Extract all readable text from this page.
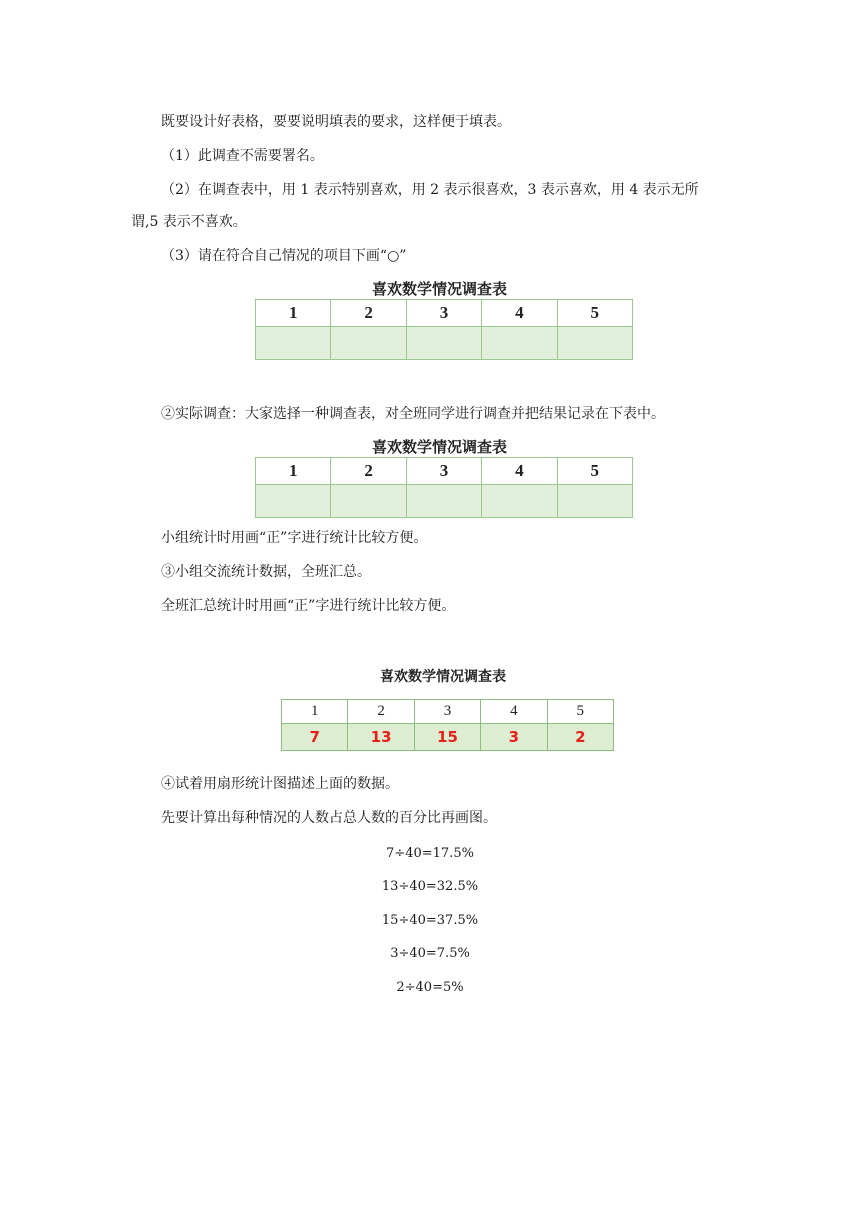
既要设计好表格，要要说明填表的要求，这样便于填表。
（1）此调查不需要署名。
（2）在调查表中，用 1 表示特别喜欢，用 2 表示很喜欢，3 表示喜欢，用 4 表示无所
谓,5 表示不喜欢。
（3）请在符合自己情况的项目下画“○”
喜欢数学情况调查表
1	2	3	4	5

②实际调查：大家选择一种调查表，对全班同学进行调查并把结果记录在下表中。
喜欢数学情况调查表
1	2	3	4	5

小组统计时用画“正”字进行统计比较方便。
③小组交流统计数据，全班汇总。
全班汇总统计时用画“正”字进行统计比较方便。
喜欢数学情况调查表
1	2	3	4	5
7	13	15	3	2
④试着用扇形统计图描述上面的数据。
先要计算出每种情况的人数占总人数的百分比再画图。
7÷40=17.5%
13÷40=32.5%
15÷40=37.5%
3÷40=7.5%
2÷40=5%
